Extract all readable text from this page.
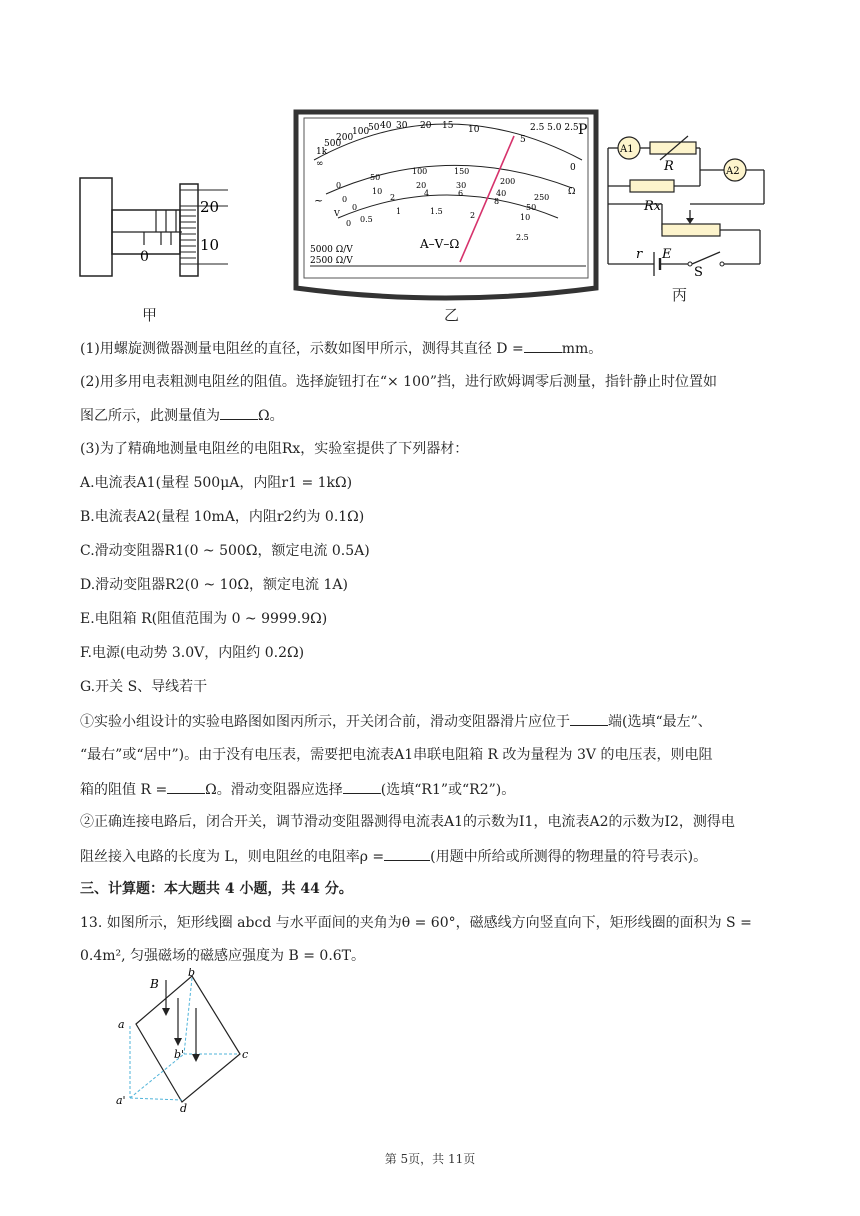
20
10
0
甲
∞
1k
500
200
100
50 40 30 20 15 10
5
0
2.5 5.0 2.5 P
0
50
100	150
200
250
0
10
20	30
40
50
0 0.5
1	1.5	2
2.5
0
2	4	6
8
10
Ω
~
V
A–V–Ω
5000 Ω/V
2500 Ω/V
乙
A1
R	A2
Rx
r E
S
丙
(1)用螺旋测微器测量电阻丝的直径，示数如图甲所示，测得其直径 D =	mm。
(2)用多用电表粗测电阻丝的阻值。选择旋钮打在“× 100”挡，进行欧姆调零后测量，指针静止时位置如
图乙所示，此测量值为	Ω。
(3)为了精确地测量电阻丝的电阻Rx，实验室提供了下列器材：
A.电流表A1(量程 500μA，内阻r1 = 1kΩ)
B.电流表A2(量程 10mA，内阻r2约为 0.1Ω)
C.滑动变阻器R1(0 ~ 500Ω，额定电流 0.5A)
D.滑动变阻器R2(0 ~ 10Ω，额定电流 1A)
E.电阻箱 R(阻值范围为 0 ~ 9999.9Ω)
F.电源(电动势 3.0V，内阻约 0.2Ω)
G.开关 S、导线若干
①实验小组设计的实验电路图如图丙所示，开关闭合前，滑动变阻器滑片应位于	端(选填“最左”、
“最右”或“居中”)。由于没有电压表，需要把电流表A1串联电阻箱 R 改为量程为 3V 的电压表，则电阻
箱的阻值 R =	Ω。滑动变阻器应选择	(选填“R1”或“R2”)。
②正确连接电路后，闭合开关，调节滑动变阻器测得电流表A1的示数为I1，电流表A2的示数为I2，测得电
阻丝接入电路的长度为 L，则电阻丝的电阻率ρ =	(用题中所给或所测得的物理量的符号表示)。
三、计算题：本大题共 4 小题，共 44 分。
13. 如图所示，矩形线圈 abcd 与水平面间的夹角为θ = 60°，磁感线方向竖直向下，矩形线圈的面积为 S =
0.4m², 匀强磁场的磁感应强度为 B = 0.6T。
B
a
b
b'	c
a'
d
第 5页，共 11页
